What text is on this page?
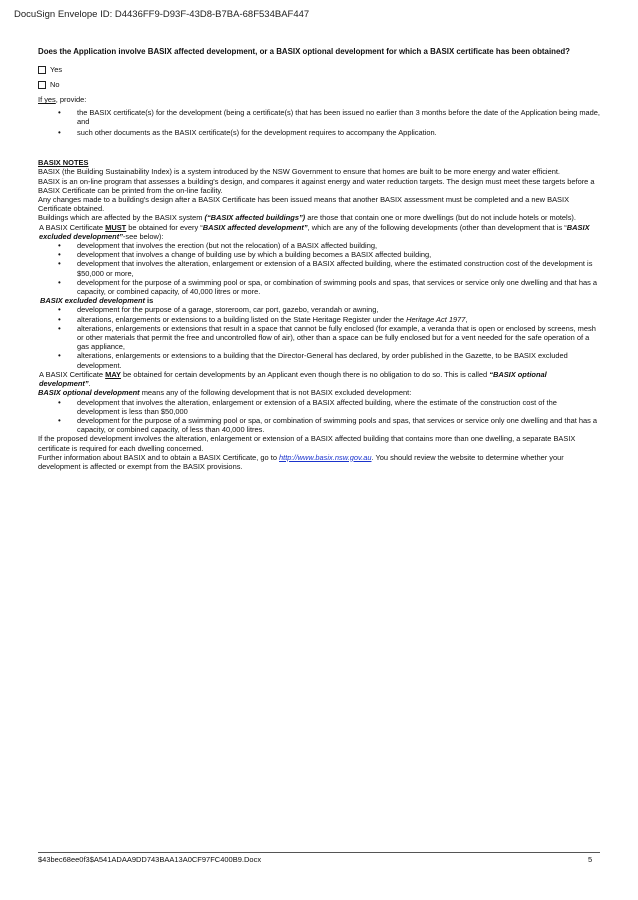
DocuSign Envelope ID: D4436FF9-D93F-43D8-B7BA-68F534BAF447
Does the Application involve BASIX affected development, or a BASIX optional development for which a BASIX certificate has been obtained?
Yes
No
If yes, provide:
• the BASIX certificate(s) for the development (being a certificate(s) that has been issued no earlier than 3 months before the date of the Application being made, and
• such other documents as the BASIX certificate(s) for the development requires to accompany the Application.
BASIX NOTES
BASIX (the Building Sustainability Index) is a system introduced by the NSW Government to ensure that homes are built to be more energy and water efficient.
BASIX is an on-line program that assesses a building's design, and compares it against energy and water reduction targets. The design must meet these targets before a BASIX Certificate can be printed from the on-line facility.
Any changes made to a building's design after a BASIX Certificate has been issued means that another BASIX assessment must be completed and a new BASIX Certificate obtained.
Buildings which are affected by the BASIX system (“BASIX affected buildings”) are those that contain one or more dwellings (but do not include hotels or motels).
A BASIX Certificate MUST be obtained for every “BASIX affected development”, which are any of the following developments (other than development that is “BASIX excluded development”-see below):
• development that involves the erection (but not the relocation) of a BASIX affected building,
• development that involves a change of building use by which a building becomes a BASIX affected building,
• development that involves the alteration, enlargement or extension of a BASIX affected building, where the estimated construction cost of the development is $50,000 or more,
• development for the purpose of a swimming pool or spa, or combination of swimming pools and spas, that services or service only one dwelling and that has a capacity, or combined capacity, of 40,000 litres or more.
BASIX excluded development is
• development for the purpose of a garage, storeroom, car port, gazebo, verandah or awning,
• alterations, enlargements or extensions to a building listed on the State Heritage Register under the Heritage Act 1977,
• alterations, enlargements or extensions that result in a space that cannot be fully enclosed (for example, a veranda that is open or enclosed by screens, mesh or other materials that permit the free and uncontrolled flow of air), other than a space can be fully enclosed but for a vent needed for the safe operation of a gas appliance,
• alterations, enlargements or extensions to a building that the Director-General has declared, by order published in the Gazette, to be BASIX excluded development.
A BASIX Certificate MAY be obtained for certain developments by an Applicant even though there is no obligation to do so. This is called “BASIX optional development”.
BASIX optional development means any of the following development that is not BASIX excluded development:
• development that involves the alteration, enlargement or extension of a BASIX affected building, where the estimate of the construction cost of the development is less than $50,000
• development for the purpose of a swimming pool or spa, or combination of swimming pools and spas, that services or service only one dwelling and that has a capacity, or combined capacity, of less than 40,000 litres.
If the proposed development involves the alteration, enlargement or extension of a BASIX affected building that contains more than one dwelling, a separate BASIX certificate is required for each dwelling concerned.
Further information about BASIX and to obtain a BASIX Certificate, go to http://www.basix.nsw.gov.au. You should review the website to determine whether your development is affected or exempt from the BASIX provisions.
$43bec68ee0f3$A541ADAA9DD743BAA13A0CF97FC400B9.Docx	5
